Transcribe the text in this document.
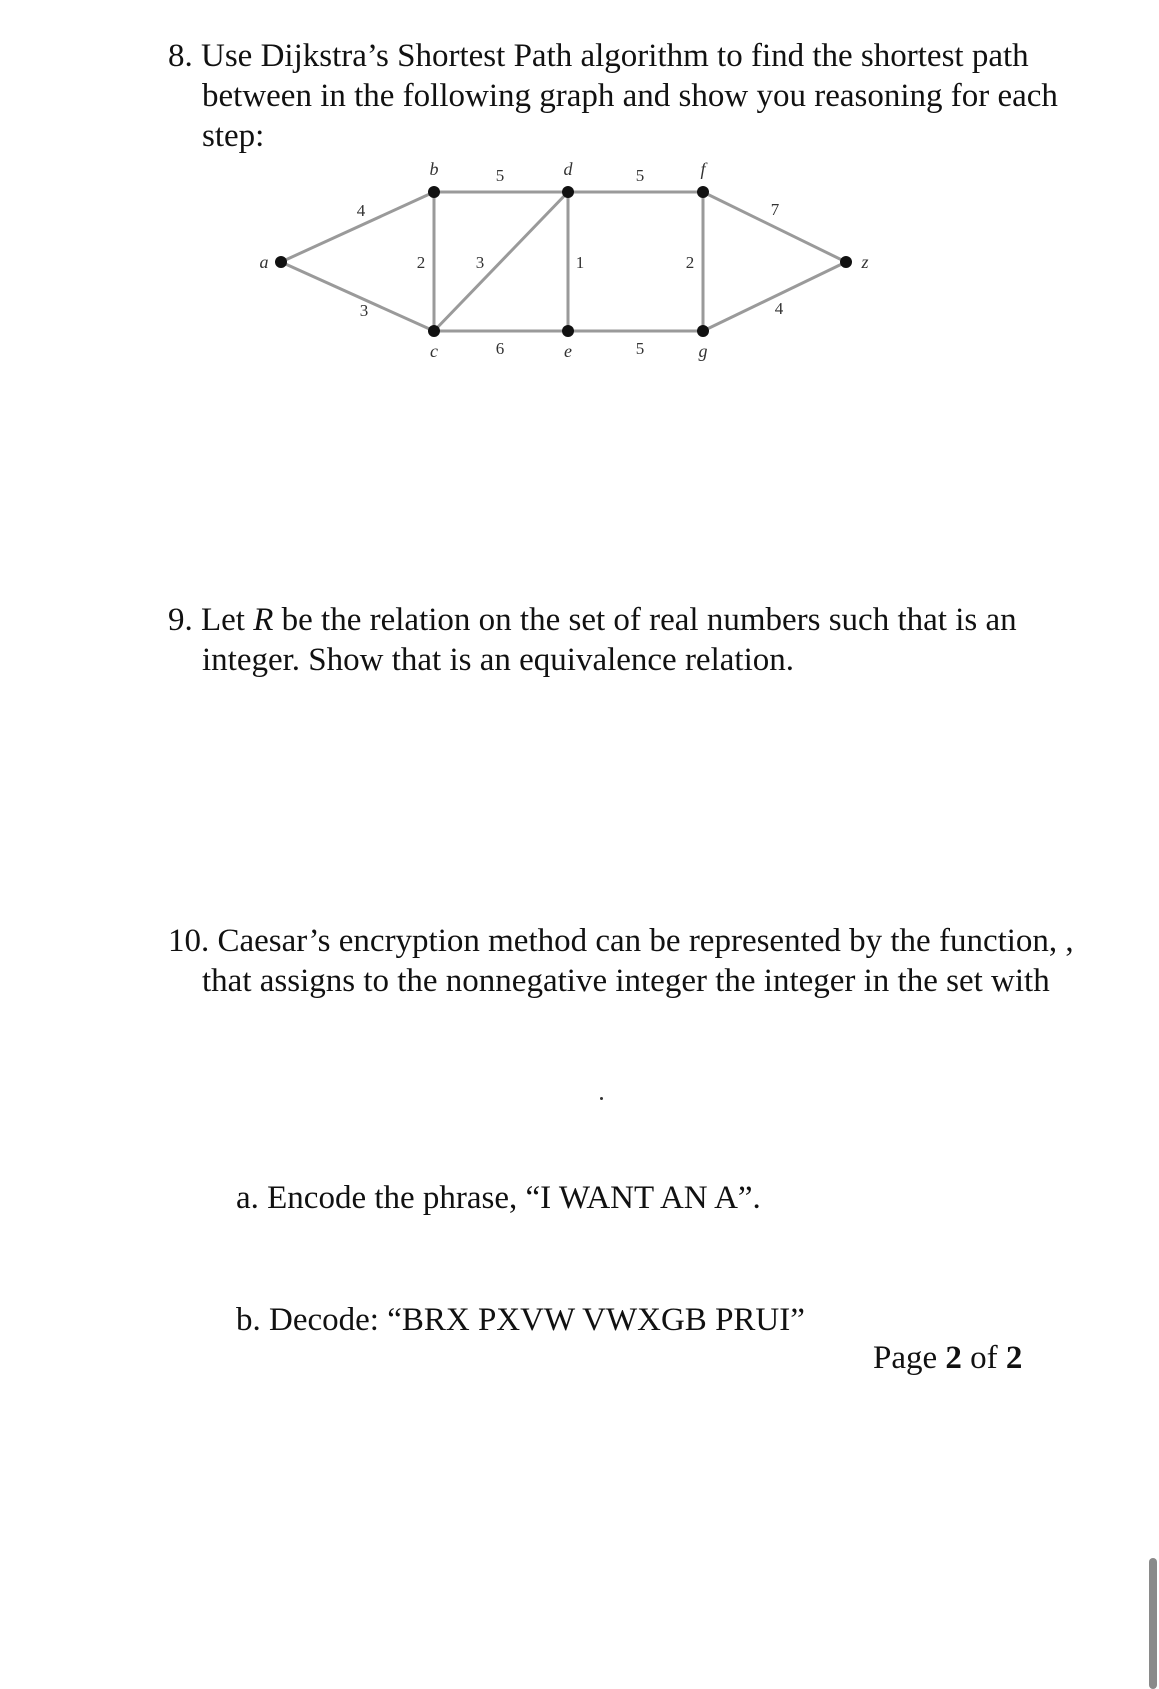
8. Use Dijkstra’s Shortest Path algorithm to find the shortest path between in the following graph and show you reasoning for each step:

a
b
c
d
e
f
g
z
4
3
2
5
3
6
1
5
5
2
7
4

9. Let R be the relation on the set of real numbers such that is an integer. Show that is an equivalence relation.

10. Caesar’s encryption method can be represented by the function, , that assigns to the nonnegative integer the integer in the set with

a. Encode the phrase, “I WANT AN A”.

b. Decode: “BRX PXVW VWXGB PRUI”

Page 2 of 2
